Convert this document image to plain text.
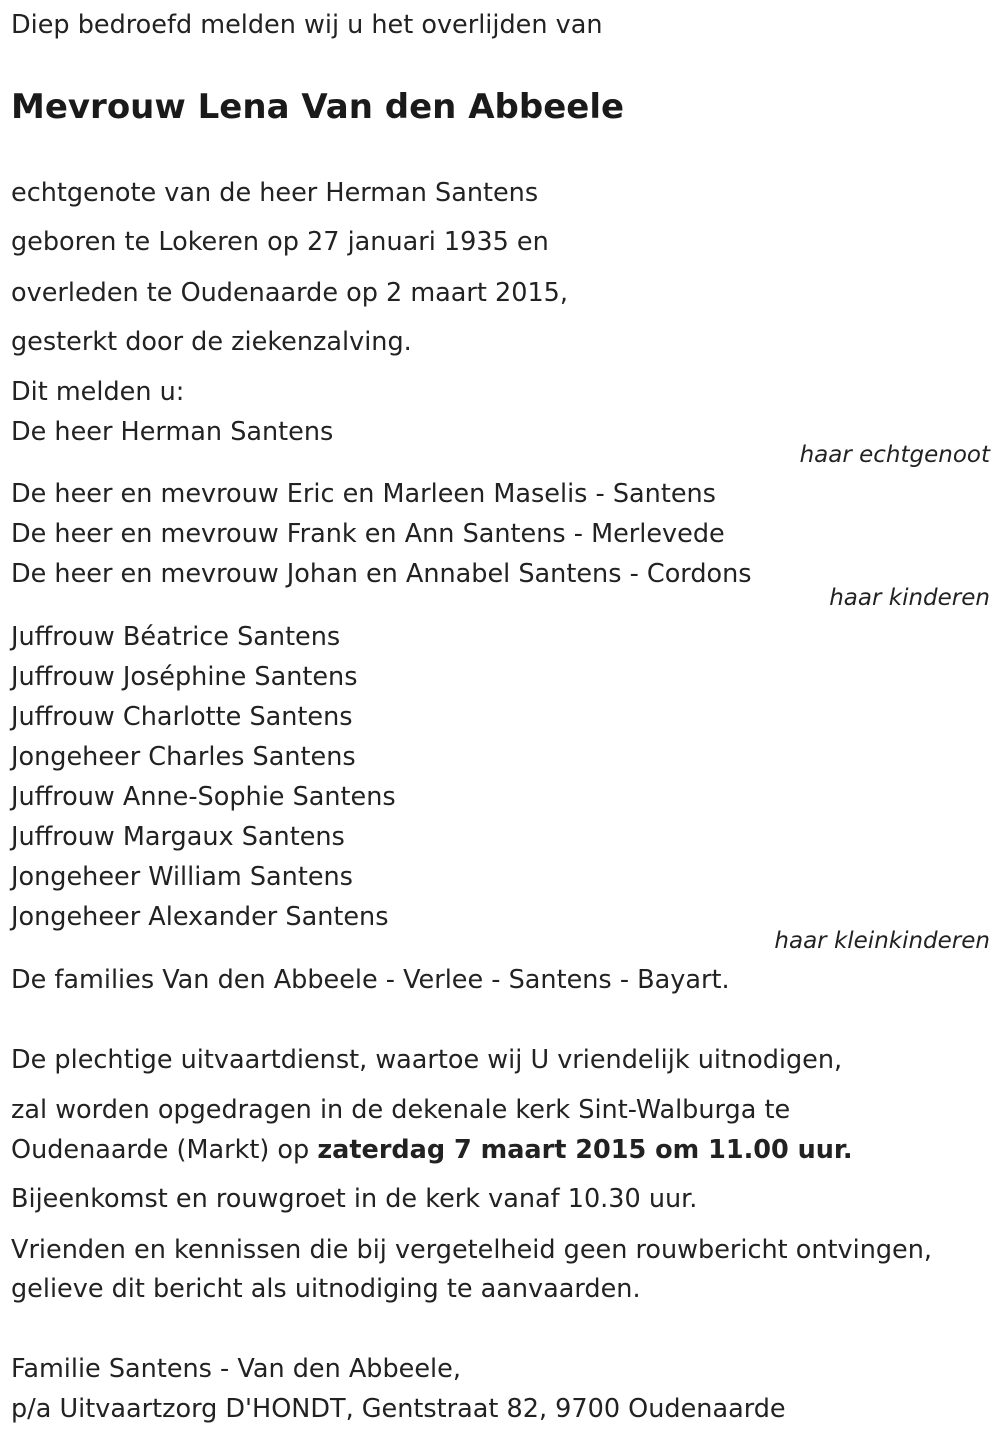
Diep bedroefd melden wij u het overlijden van
Mevrouw Lena Van den Abbeele
echtgenote van de heer Herman Santens
geboren te Lokeren op 27 januari 1935 en
overleden te Oudenaarde op 2 maart 2015,
gesterkt door de ziekenzalving.
Dit melden u:
De heer Herman Santens
haar echtgenoot
De heer en mevrouw Eric en Marleen Maselis - Santens
De heer en mevrouw Frank en Ann Santens - Merlevede
De heer en mevrouw Johan en Annabel Santens - Cordons
haar kinderen
Juffrouw Béatrice Santens
Juffrouw Joséphine Santens
Juffrouw Charlotte Santens
Jongeheer Charles Santens
Juffrouw Anne-Sophie Santens
Juffrouw Margaux Santens
Jongeheer William Santens
Jongeheer Alexander Santens
haar kleinkinderen
De families Van den Abbeele - Verlee - Santens - Bayart.
De plechtige uitvaartdienst, waartoe wij U vriendelijk uitnodigen,
zal worden opgedragen in de dekenale kerk Sint-Walburga te
Oudenaarde (Markt) op zaterdag 7 maart 2015 om 11.00 uur.
Bijeenkomst en rouwgroet in de kerk vanaf 10.30 uur.
Vrienden en kennissen die bij vergetelheid geen rouwbericht ontvingen,
gelieve dit bericht als uitnodiging te aanvaarden.
Familie Santens - Van den Abbeele,
p/a Uitvaartzorg D'HONDT, Gentstraat 82, 9700 Oudenaarde
